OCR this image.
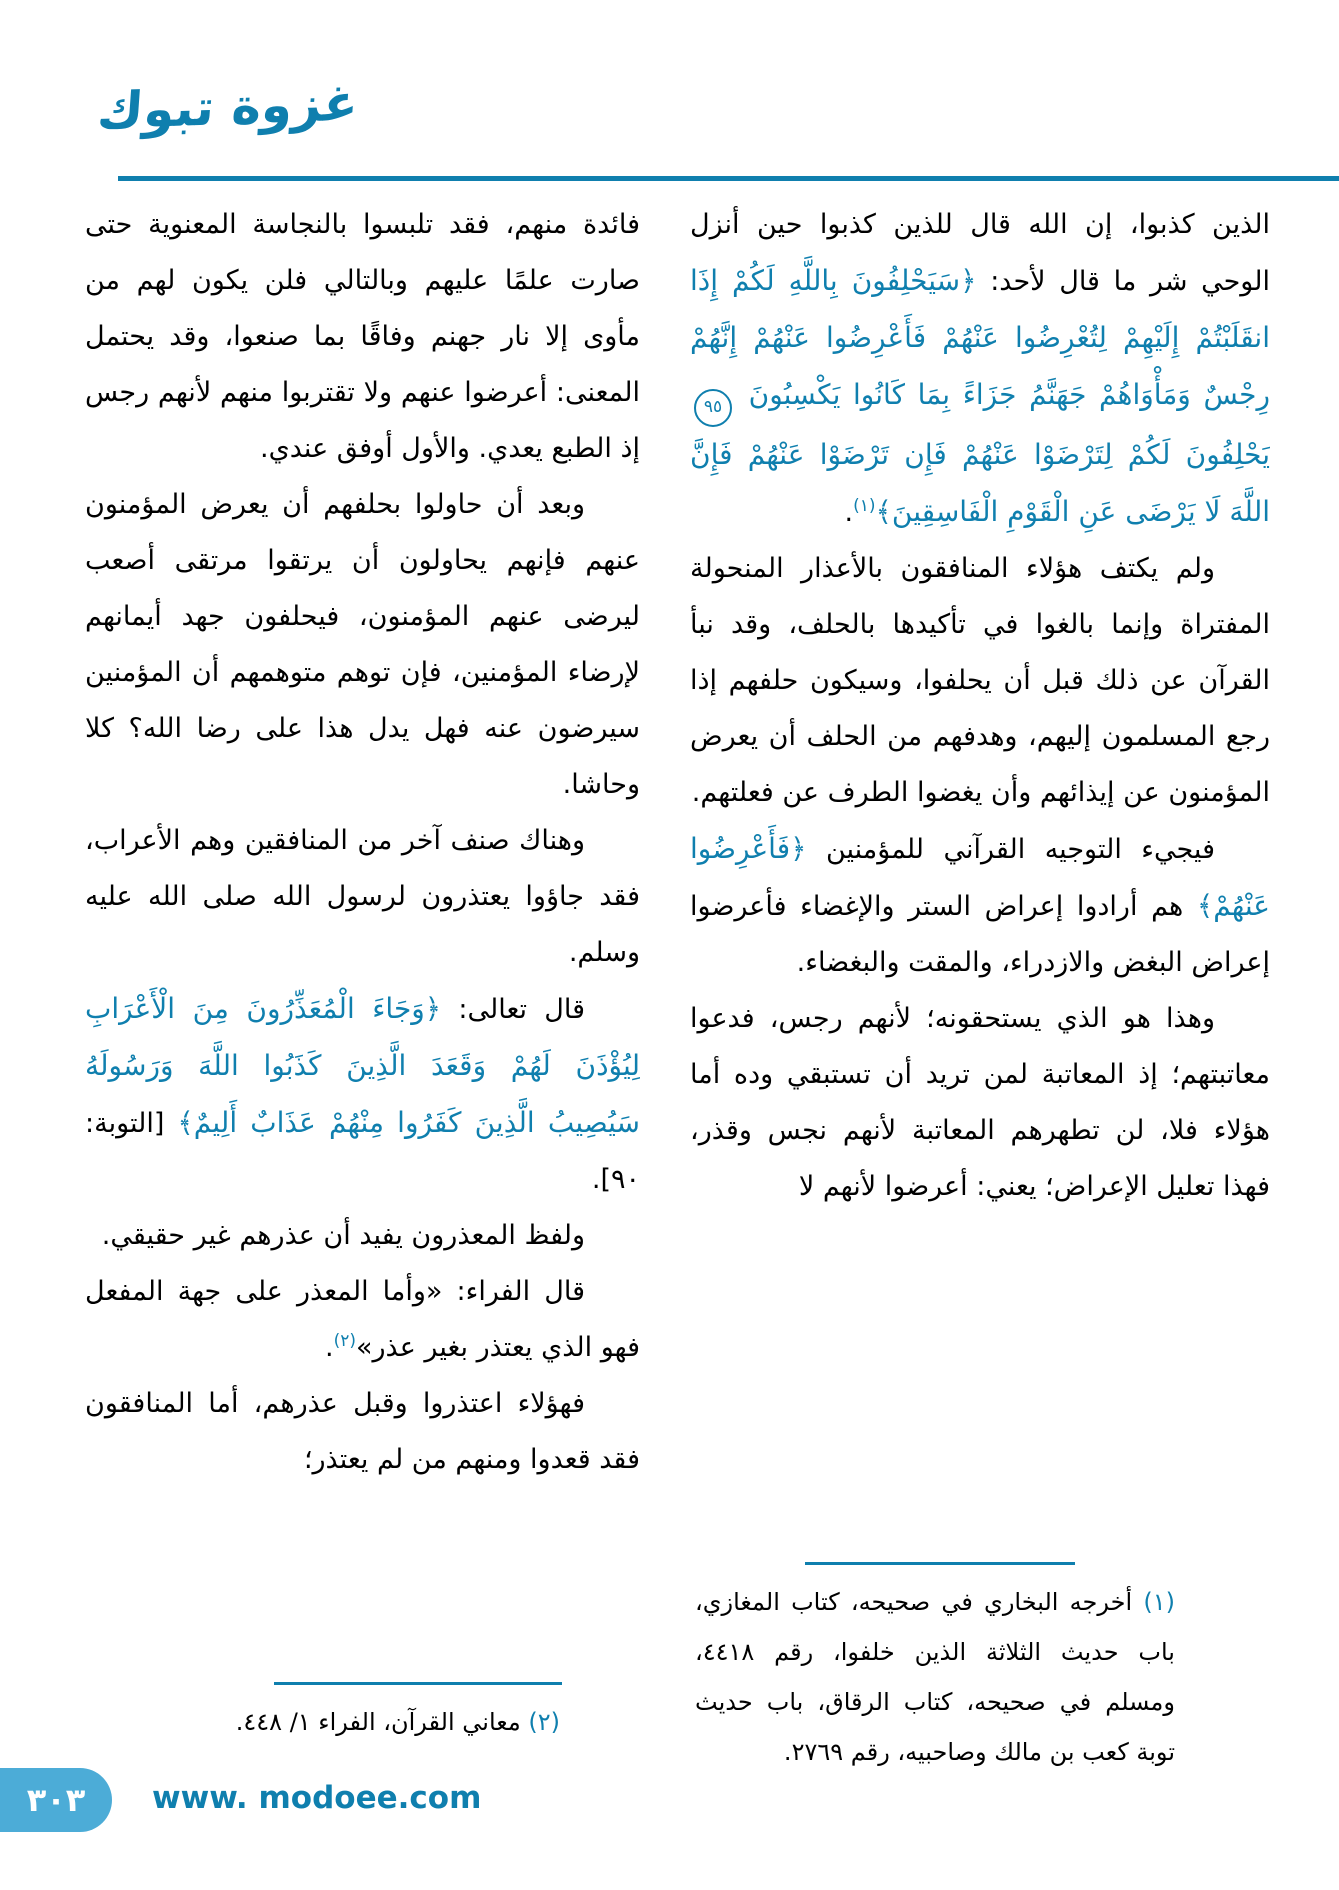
غزوة تبوك

الذين كذبوا، إن الله قال للذين كذبوا حين أنزل الوحي شر ما قال لأحد: ﴿سَيَحْلِفُونَ بِاللَّهِ لَكُمْ إِذَا انقَلَبْتُمْ إِلَيْهِمْ لِتُعْرِضُوا عَنْهُمْ فَأَعْرِضُوا عَنْهُمْ إِنَّهُمْ رِجْسٌ وَمَأْوَاهُمْ جَهَنَّمُ جَزَاءً بِمَا كَانُوا يَكْسِبُونَ ٩٥ يَحْلِفُونَ لَكُمْ لِتَرْضَوْا عَنْهُمْ فَإِن تَرْضَوْا عَنْهُمْ فَإِنَّ اللَّهَ لَا يَرْضَى عَنِ الْقَوْمِ الْفَاسِقِينَ﴾$^{(١)}$.

ولم يكتف هؤلاء المنافقون بالأعذار المنحولة المفتراة وإنما بالغوا في تأكيدها بالحلف، وقد نبأ القرآن عن ذلك قبل أن يحلفوا، وسيكون حلفهم إذا رجع المسلمون إليهم، وهدفهم من الحلف أن يعرض المؤمنون عن إيذائهم وأن يغضوا الطرف عن فعلتهم.

فيجيء التوجيه القرآني للمؤمنين ﴿فَأَعْرِضُوا عَنْهُمْ﴾ هم أرادوا إعراض الستر والإغضاء فأعرضوا إعراض البغض والازدراء، والمقت والبغضاء.

وهذا هو الذي يستحقونه؛ لأنهم رجس، فدعوا معاتبتهم؛ إذ المعاتبة لمن تريد أن تستبقي وده أما هؤلاء فلا، لن تطهرهم المعاتبة لأنهم نجس وقذر، فهذا تعليل الإعراض؛ يعني: أعرضوا لأنهم لا

(١) أخرجه البخاري في صحيحه، كتاب المغازي، باب حديث الثلاثة الذين خلفوا، رقم ٤٤١٨، ومسلم في صحيحه، كتاب الرقاق، باب حديث توبة كعب بن مالك وصاحبيه، رقم ٢٧٦٩.

فائدة منهم، فقد تلبسوا بالنجاسة المعنوية حتى صارت علمًا عليهم وبالتالي فلن يكون لهم من مأوى إلا نار جهنم وفاقًا بما صنعوا، وقد يحتمل المعنى: أعرضوا عنهم ولا تقتربوا منهم لأنهم رجس إذ الطبع يعدي. والأول أوفق عندي.

وبعد أن حاولوا بحلفهم أن يعرض المؤمنون عنهم فإنهم يحاولون أن يرتقوا مرتقى أصعب ليرضى عنهم المؤمنون، فيحلفون جهد أيمانهم لإرضاء المؤمنين، فإن توهم متوهمهم أن المؤمنين سيرضون عنه فهل يدل هذا على رضا الله؟ كلا وحاشا.

وهناك صنف آخر من المنافقين وهم الأعراب، فقد جاؤوا يعتذرون لرسول الله صلى الله عليه وسلم.

قال تعالى: ﴿وَجَاءَ الْمُعَذِّرُونَ مِنَ الْأَعْرَابِ لِيُؤْذَنَ لَهُمْ وَقَعَدَ الَّذِينَ كَذَبُوا اللَّهَ وَرَسُولَهُ سَيُصِيبُ الَّذِينَ كَفَرُوا مِنْهُمْ عَذَابٌ أَلِيمٌ﴾ [التوبة: ٩٠].

ولفظ المعذرون يفيد أن عذرهم غير حقيقي.

قال الفراء: «وأما المعذر على جهة المفعل فهو الذي يعتذر بغير عذر»$^{(٢)}$.

فهؤلاء اعتذروا وقبل عذرهم، أما المنافقون فقد قعدوا ومنهم من لم يعتذر؛

(٢) معاني القرآن، الفراء ١/ ٤٤٨.

٣٠٣ www. modoee.com
